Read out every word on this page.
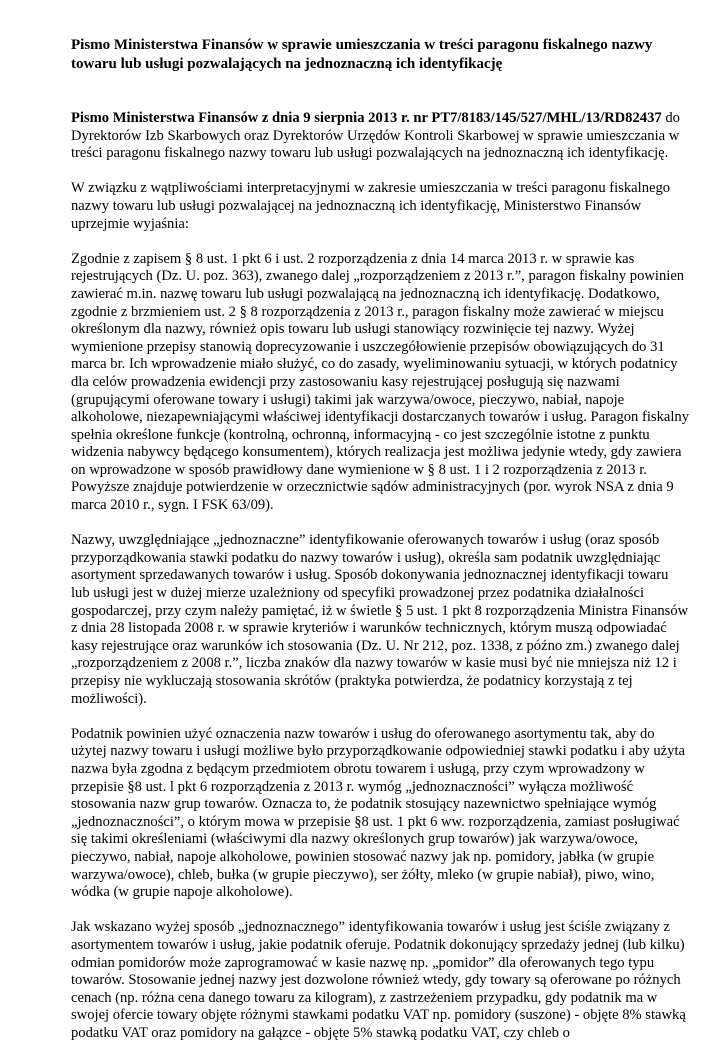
Pismo Ministerstwa Finansów w sprawie umieszczania w treści paragonu fiskalnego nazwy towaru lub usługi pozwalających na jednoznaczną ich identyfikację

Pismo Ministerstwa Finansów z dnia 9 sierpnia 2013 r. nr PT7/8183/145/527/MHL/13/RD82437 do Dyrektorów Izb Skarbowych oraz Dyrektorów Urzędów Kontroli Skarbowej w sprawie umieszczania w treści paragonu fiskalnego nazwy towaru lub usługi pozwalających na jednoznaczną ich identyfikację.

W związku z wątpliwościami interpretacyjnymi w zakresie umieszczania w treści paragonu fiskalnego nazwy towaru lub usługi pozwalającej na jednoznaczną ich identyfikację, Ministerstwo Finansów uprzejmie wyjaśnia:

Zgodnie z zapisem § 8 ust. 1 pkt 6 i ust. 2 rozporządzenia z dnia 14 marca 2013 r. w sprawie kas rejestrujących (Dz. U. poz. 363), zwanego dalej „rozporządzeniem z 2013 r.”, paragon fiskalny powinien zawierać m.in. nazwę towaru lub usługi pozwalającą na jednoznaczną ich identyfikację. Dodatkowo, zgodnie z brzmieniem ust. 2 § 8 rozporządzenia z 2013 r., paragon fiskalny może zawierać w miejscu określonym dla nazwy, również opis towaru lub usługi stanowiący rozwinięcie tej nazwy. Wyżej wymienione przepisy stanowią doprecyzowanie i uszczegółowienie przepisów obowiązujących do 31 marca br. Ich wprowadzenie miało służyć, co do zasady, wyeliminowaniu sytuacji, w których podatnicy dla celów prowadzenia ewidencji przy zastosowaniu kasy rejestrującej posługują się nazwami (grupującymi oferowane towary i usługi) takimi jak warzywa/owoce, pieczywo, nabiał, napoje alkoholowe, niezapewniającymi właściwej identyfikacji dostarczanych towarów i usług. Paragon fiskalny spełnia określone funkcje (kontrolną, ochronną, informacyjną - co jest szczególnie istotne z punktu widzenia nabywcy będącego konsumentem), których realizacja jest możliwa jedynie wtedy, gdy zawiera on wprowadzone w sposób prawidłowy dane wymienione w § 8 ust. 1 i 2 rozporządzenia z 2013 r. Powyższe znajduje potwierdzenie w orzecznictwie sądów administracyjnych (por. wyrok NSA z dnia 9 marca 2010 r., sygn. I FSK 63/09).

Nazwy, uwzględniające „jednoznaczne” identyfikowanie oferowanych towarów i usług (oraz sposób przyporządkowania stawki podatku do nazwy towarów i usług), określa sam podatnik uwzględniając asortyment sprzedawanych towarów i usług. Sposób dokonywania jednoznacznej identyfikacji towaru lub usługi jest w dużej mierze uzależniony od specyfiki prowadzonej przez podatnika działalności gospodarczej, przy czym należy pamiętać, iż w świetle § 5 ust. 1 pkt 8 rozporządzenia Ministra Finansów z dnia 28 listopada 2008 r. w sprawie kryteriów i warunków technicznych, którym muszą odpowiadać kasy rejestrujące oraz warunków ich stosowania (Dz. U. Nr 212, poz. 1338, z późno zm.) zwanego dalej „rozporządzeniem z 2008 r.”, liczba znaków dla nazwy towarów w kasie musi być nie mniejsza niż 12 i przepisy nie wykluczają stosowania skrótów (praktyka potwierdza, że podatnicy korzystają z tej możliwości).

Podatnik powinien użyć oznaczenia nazw towarów i usług do oferowanego asortymentu tak, aby do użytej nazwy towaru i usługi możliwe było przyporządkowanie odpowiedniej stawki podatku i aby użyta nazwa była zgodna z będącym przedmiotem obrotu towarem i usługą, przy czym wprowadzony w przepisie §8 ust. l pkt 6 rozporządzenia z 2013 r. wymóg „jednoznaczności” wyłącza możliwość stosowania nazw grup towarów. Oznacza to, że podatnik stosujący nazewnictwo spełniające wymóg „jednoznaczności”, o którym mowa w przepisie §8 ust. 1 pkt 6 ww. rozporządzenia, zamiast posługiwać się takimi określeniami (właściwymi dla nazwy określonych grup towarów) jak warzywa/owoce, pieczywo, nabiał, napoje alkoholowe, powinien stosować nazwy jak np. pomidory, jabłka (w grupie warzywa/owoce), chleb, bułka (w grupie pieczywo), ser żółty, mleko (w grupie nabiał), piwo, wino, wódka (w grupie napoje alkoholowe).

Jak wskazano wyżej sposób „jednoznacznego” identyfikowania towarów i usług jest ściśle związany z asortymentem towarów i usług, jakie podatnik oferuje. Podatnik dokonujący sprzedaży jednej (lub kilku) odmian pomidorów może zaprogramować w kasie nazwę np. „pomidor” dla oferowanych tego typu towarów. Stosowanie jednej nazwy jest dozwolone również wtedy, gdy towary są oferowane po różnych cenach (np. różna cena danego towaru za kilogram), z zastrzeżeniem przypadku, gdy podatnik ma w swojej ofercie towary objęte różnymi stawkami podatku VAT np. pomidory (suszone) - objęte 8% stawką podatku VAT oraz pomidory na gałązce - objęte 5% stawką podatku VAT, czy chleb o
